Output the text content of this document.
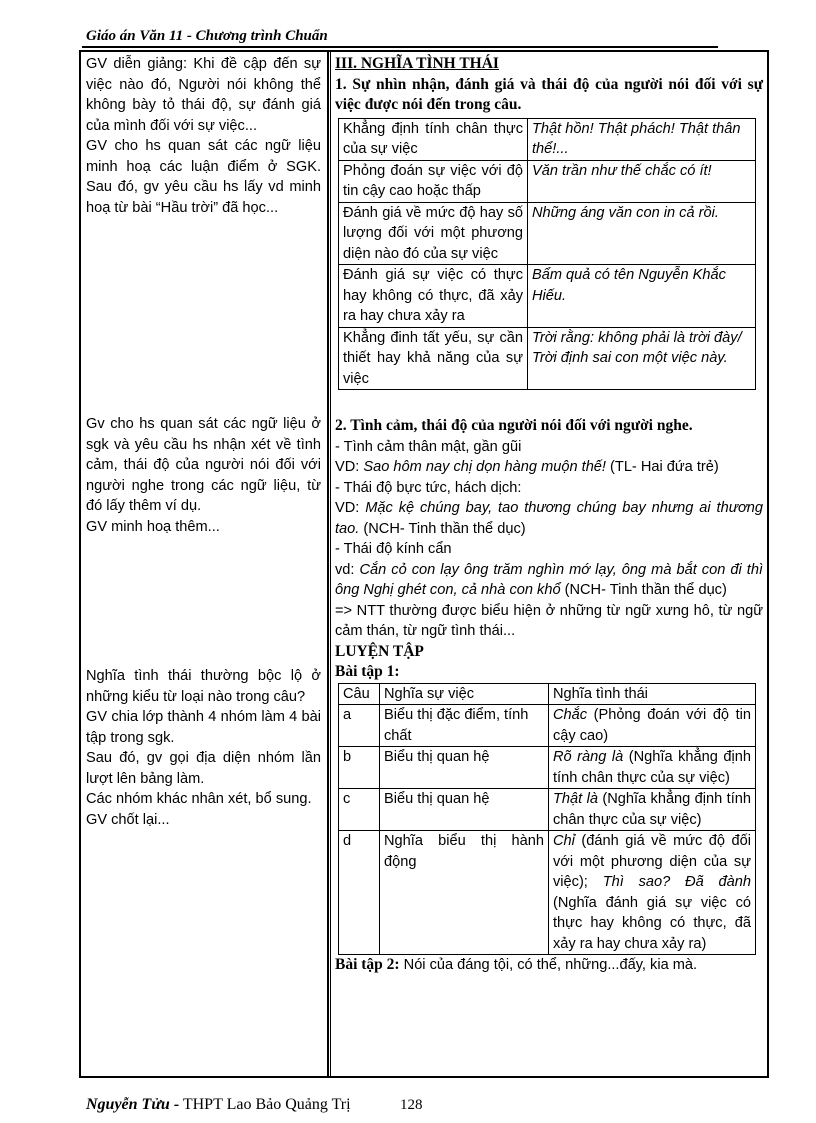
Giáo án Văn 11 - Chương trình Chuẩn

GV diễn giảng: Khi đề cập đến sự việc nào đó, Người nói không thể không bày tỏ thái độ, sự đánh giá của mình đối với sự việc...

GV cho hs quan sát các ngữ liệu minh hoạ các luận điểm ở SGK. Sau đó, gv yêu cầu hs lấy vd minh hoạ từ bài “Hầu trời” đã học...

Gv cho hs quan sát các ngữ liệu ở sgk và yêu cầu hs nhận xét về tình cảm, thái độ của người nói đối với người nghe trong các ngữ liệu, từ đó lấy thêm ví dụ.

GV minh hoạ thêm...

Nghĩa tình thái thường bộc lộ ở những kiểu từ loại nào trong câu?

GV chia lớp thành 4 nhóm làm 4 bài tập trong sgk.

Sau đó, gv gọi địa diện nhóm lần lượt lên bảng làm.

Các nhóm khác nhân xét, bổ sung.

GV chốt lại...

III. NGHĨA TÌNH THÁI

1. Sự nhìn nhận, đánh giá và thái độ của người nói đối với sự việc được nói đến trong câu.

Khẳng định tính chân thực của sự việc	Thật hồn! Thật phách! Thật thân thể!...
Phỏng đoán sự việc với độ tin cậy cao hoặc thấp	Văn trần như thế chắc có ít!
Đánh giá về mức độ hay số lượng đối với một phương diện nào đó của sự việc	Những áng văn con in cả rồi.
Đánh giá sự việc có thực hay không có thực, đã xảy ra hay chưa xảy ra	Bẩm quả có tên Nguyễn Khắc Hiếu.
Khẳng đinh tất yếu, sự cần thiết hay khả năng của sự việc	Trời rằng: không phải là trời đày/ Trời định sai con một việc này.

2. Tình cảm, thái độ của người nói đối với người nghe.

- Tình cảm thân mật, gần gũi

VD: Sao hôm nay chị dọn hàng muộn thế! (TL- Hai đứa trẻ)

- Thái độ bực tức, hách dịch:

VD: Mặc kệ chúng bay, tao thương chúng bay nhưng ai thương tao. (NCH- Tinh thần thể dục)

- Thái độ kính cẩn

vd: Cắn cỏ con lạy ông trăm nghìn mớ lạy, ông mà bắt con đi thì ông Nghị ghét con, cả nhà con khổ (NCH- Tinh thần thể dục)

=> NTT thường được biểu hiện ở những từ ngữ xưng hô, từ ngữ cảm thán, từ ngữ tình thái...

LUYỆN TẬP

Bài tập 1:

Câu	Nghĩa sự việc	Nghĩa tình thái
a	Biểu thị đặc điểm, tính chất	Chắc (Phỏng đoán với độ tin cậy cao)
b	Biểu thị quan hệ	Rõ ràng là (Nghĩa khẳng định tính chân thực của sự việc)
c	Biểu thị quan hệ	Thật là (Nghĩa khẳng định tính chân thực của sự việc)
d	Nghĩa biểu thị hành động	Chỉ (đánh giá về mức độ đối với một phương diện của sự việc); Thì sao? Đã đành (Nghĩa đánh giá sự việc có thực hay không có thực, đã xảy ra hay chưa xảy ra)

Bài tập 2: Nói của đáng tội, có thể, những...đấy, kia mà.

Nguyễn Tửu - THPT Lao Bảo Quảng Trị	128
